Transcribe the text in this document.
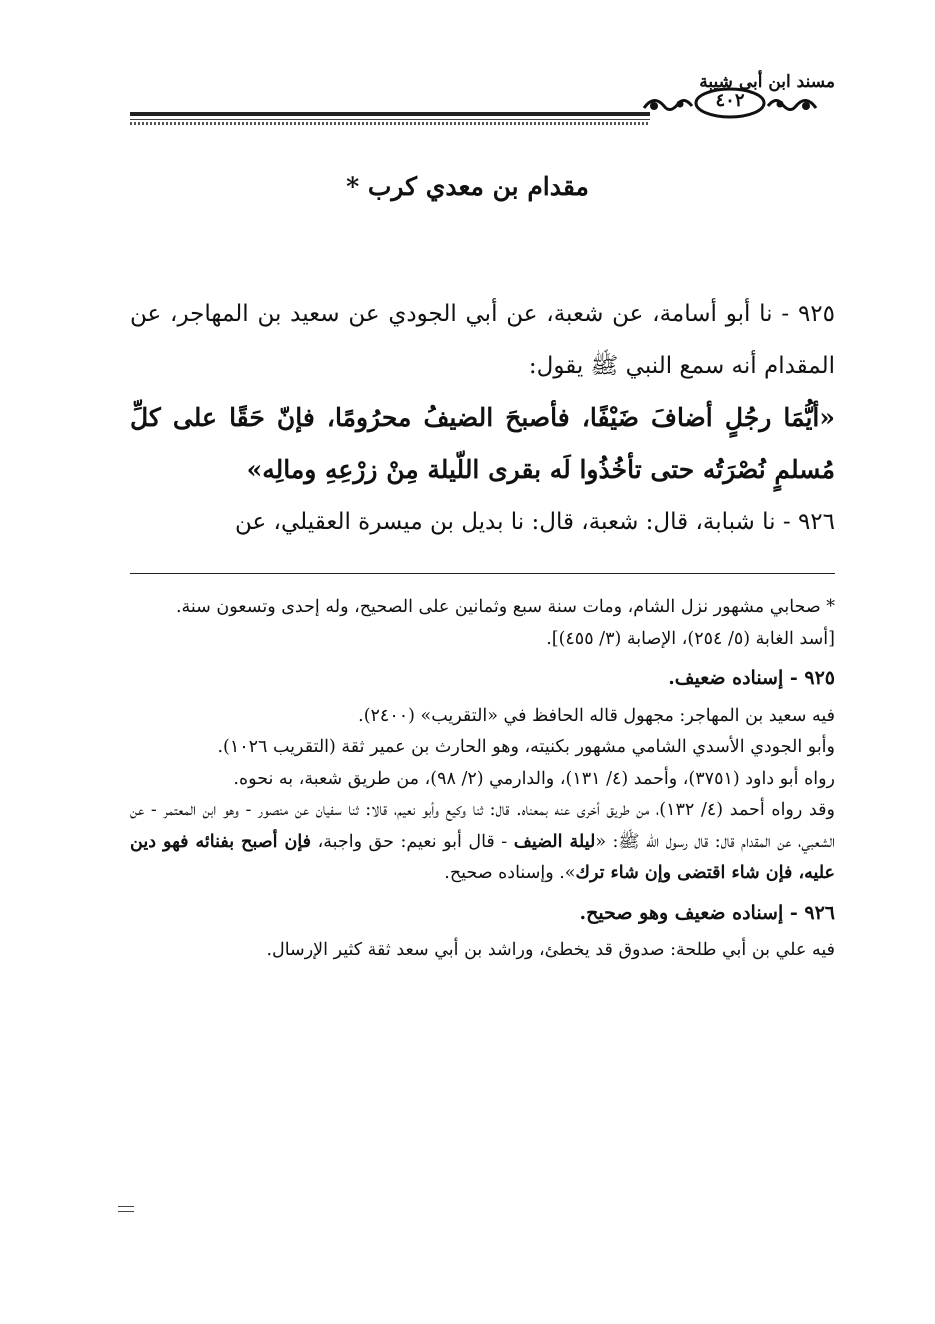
مسند ابن أبي شيبة
٤٠٢
مقدام بن معدي كرب *

٩٢٥ - نا أبو أسامة، عن شعبة، عن أبي الجودي عن سعيد بن المهاجر، عن المقدام أنه سمع النبي ﷺ يقول:

«أيُّمَا رجُلٍ أضافَ ضَيْفًا، فأصبحَ الضيفُ محرُومًا، فإنّ حَقًا على كلِّ مُسلمٍ نُصْرَتُه حتى تأخُذُوا لَه بقرى اللّيلة مِنْ زرْعِهِ ومالِه»

٩٢٦ - نا شبابة، قال: شعبة، قال: نا بديل بن ميسرة العقيلي، عن

* صحابي مشهور نزل الشام، ومات سنة سبع وثمانين على الصحيح، وله إحدى وتسعون سنة.

[أسد الغابة (٥/ ٢٥٤)، الإصابة (٣/ ٤٥٥)].

٩٢٥ - إسناده ضعيف.

فيه سعيد بن المهاجر: مجهول قاله الحافظ في «التقريب» (٢٤٠٠).

وأبو الجودي الأسدي الشامي مشهور بكنيته، وهو الحارث بن عمير ثقة (التقريب ١٠٢٦).

رواه أبو داود (٣٧٥١)، وأحمد (٤/ ١٣١)، والدارمي (٢/ ٩٨)، من طريق شعبة، به نحوه.

وقد رواه أحمد (٤/ ١٣٢)، من طريق أخرى عنه بمعناه. قال: ثنا وكيع وأبو نعيم، قالا: ثنا سفيان عن منصور - وهو ابن المعتمر - عن الشعبي، عن المقدام قال: قال رسول الله ﷺ: «ليلة الضيف - قال أبو نعيم: حق واجبة، فإن أصبح بفنائه فهو دين عليه، فإن شاء اقتضى وإن شاء ترك». وإسناده صحيح.

٩٢٦ - إسناده ضعيف وهو صحيح.

فيه علي بن أبي طلحة: صدوق قد يخطئ، وراشد بن أبي سعد ثقة كثير الإرسال.
